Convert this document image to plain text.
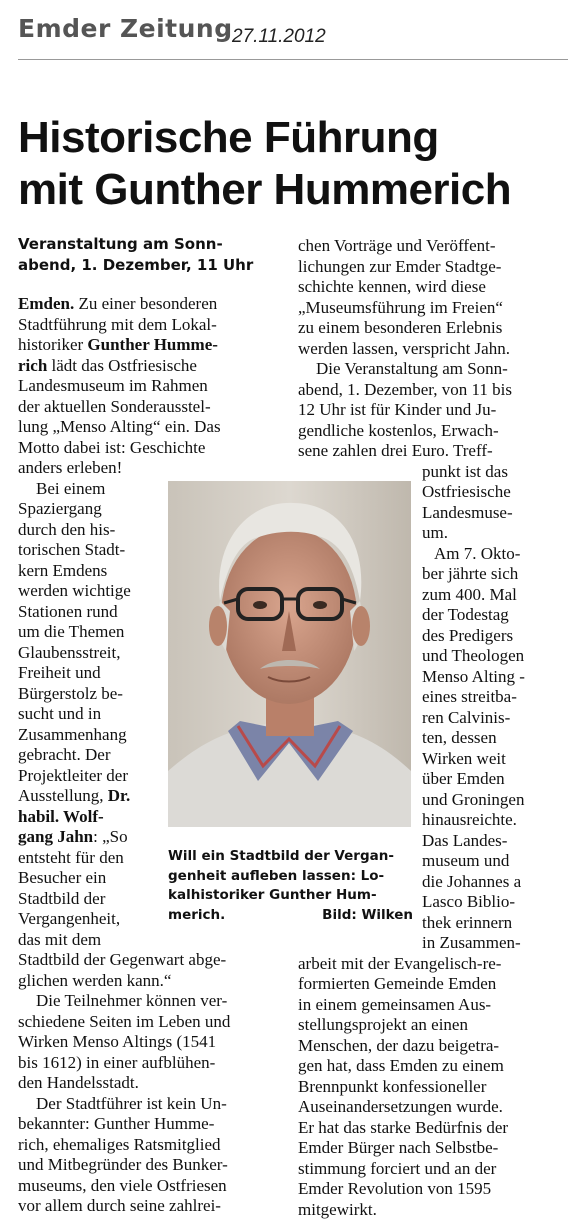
Emder Zeitung 27.11.2012
Historische Führung
mit Gunther Hummerich

Veranstaltung am Sonn-

abend, 1. Dezember, 11 Uhr

Emden. Zu einer besonderen

Stadtführung mit dem Lokal-

historiker Gunther Humme-

rich lädt das Ostfriesische

Landesmuseum im Rahmen

der aktuellen Sonderausstel-

lung „Menso Alting“ ein. Das

Motto dabei ist: Geschichte

anders erleben!

Bei einem

Spaziergang

durch den his-

torischen Stadt-

kern Emdens

werden wichtige

Stationen rund

um die Themen

Glaubensstreit,

Freiheit und

Bürgerstolz be-

sucht und in

Zusammenhang

gebracht. Der

Projektleiter der

Ausstellung, Dr.

habil. Wolf-

gang Jahn: „So

entsteht für den

Besucher ein

Stadtbild der

Vergangenheit,

das mit dem

Stadtbild der Gegenwart abge-

glichen werden kann.“

Die Teilnehmer können ver-

schiedene Seiten im Leben und

Wirken Menso Altings (1541

bis 1612) in einer aufblühen-

den Handelsstadt.

Der Stadtführer ist kein Un-

bekannter: Gunther Humme-

rich, ehemaliges Ratsmitglied

und Mitbegründer des Bunker-

museums, den viele Ostfriesen

vor allem durch seine zahlrei-

chen Vorträge und Veröffent-

lichungen zur Emder Stadtge-

schichte kennen, wird diese

„Museumsführung im Freien“

zu einem besonderen Erlebnis

werden lassen, verspricht Jahn.

Die Veranstaltung am Sonn-

abend, 1. Dezember, von 11 bis

12 Uhr ist für Kinder und Ju-

gendliche kostenlos, Erwach-

sene zahlen drei Euro. Treff-

punkt ist das

Ostfriesische

Landesmuse-

um.

Am 7. Okto-

ber jährte sich

zum 400. Mal

der Todestag

des Predigers

und Theologen

Menso Alting -

eines streitba-

ren Calvinis-

ten, dessen

Wirken weit

über Emden

und Groningen

hinausreichte.

Das Landes-

museum und

die Johannes a

Lasco Biblio-

thek erinnern

in Zusammen-

arbeit mit der Evangelisch-re-

formierten Gemeinde Emden

in einem gemeinsamen Aus-

stellungsprojekt an einen

Menschen, der dazu beigetra-

gen hat, dass Emden zu einem

Brennpunkt konfessioneller

Auseinandersetzungen wurde.

Er hat das starke Bedürfnis der

Emder Bürger nach Selbstbe-

stimmung forciert und an der

Emder Revolution von 1595

mitgewirkt.

Will ein Stadtbild der Vergan-
genheit aufleben lassen: Lo-
kalhistoriker Gunther Hum-
merich.	Bild: Wilken
